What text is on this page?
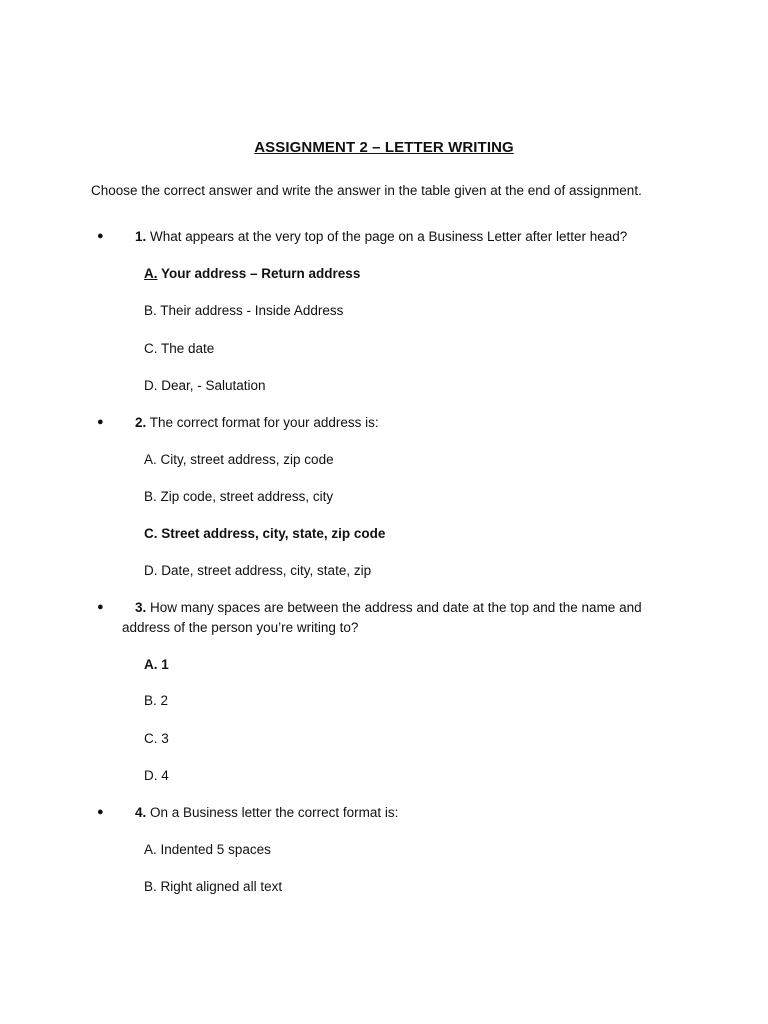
ASSIGNMENT 2 – LETTER WRITING
Choose the correct answer and write the answer in the table given at the end of assignment.
● 1. What appears at the very top of the page on a Business Letter after letter head?
A. Your address – Return address
B. Their address - Inside Address
C. The date
D. Dear, - Salutation
● 2. The correct format for your address is:
A. City, street address, zip code
B. Zip code, street address, city
C. Street address, city, state, zip code
D. Date, street address, city, state, zip
●	3. How many spaces are between the address and date at the top and the name and address of the person you’re writing to?
A. 1
B. 2
C. 3
D. 4
● 4. On a Business letter the correct format is:
A. Indented 5 spaces
B. Right aligned all text
